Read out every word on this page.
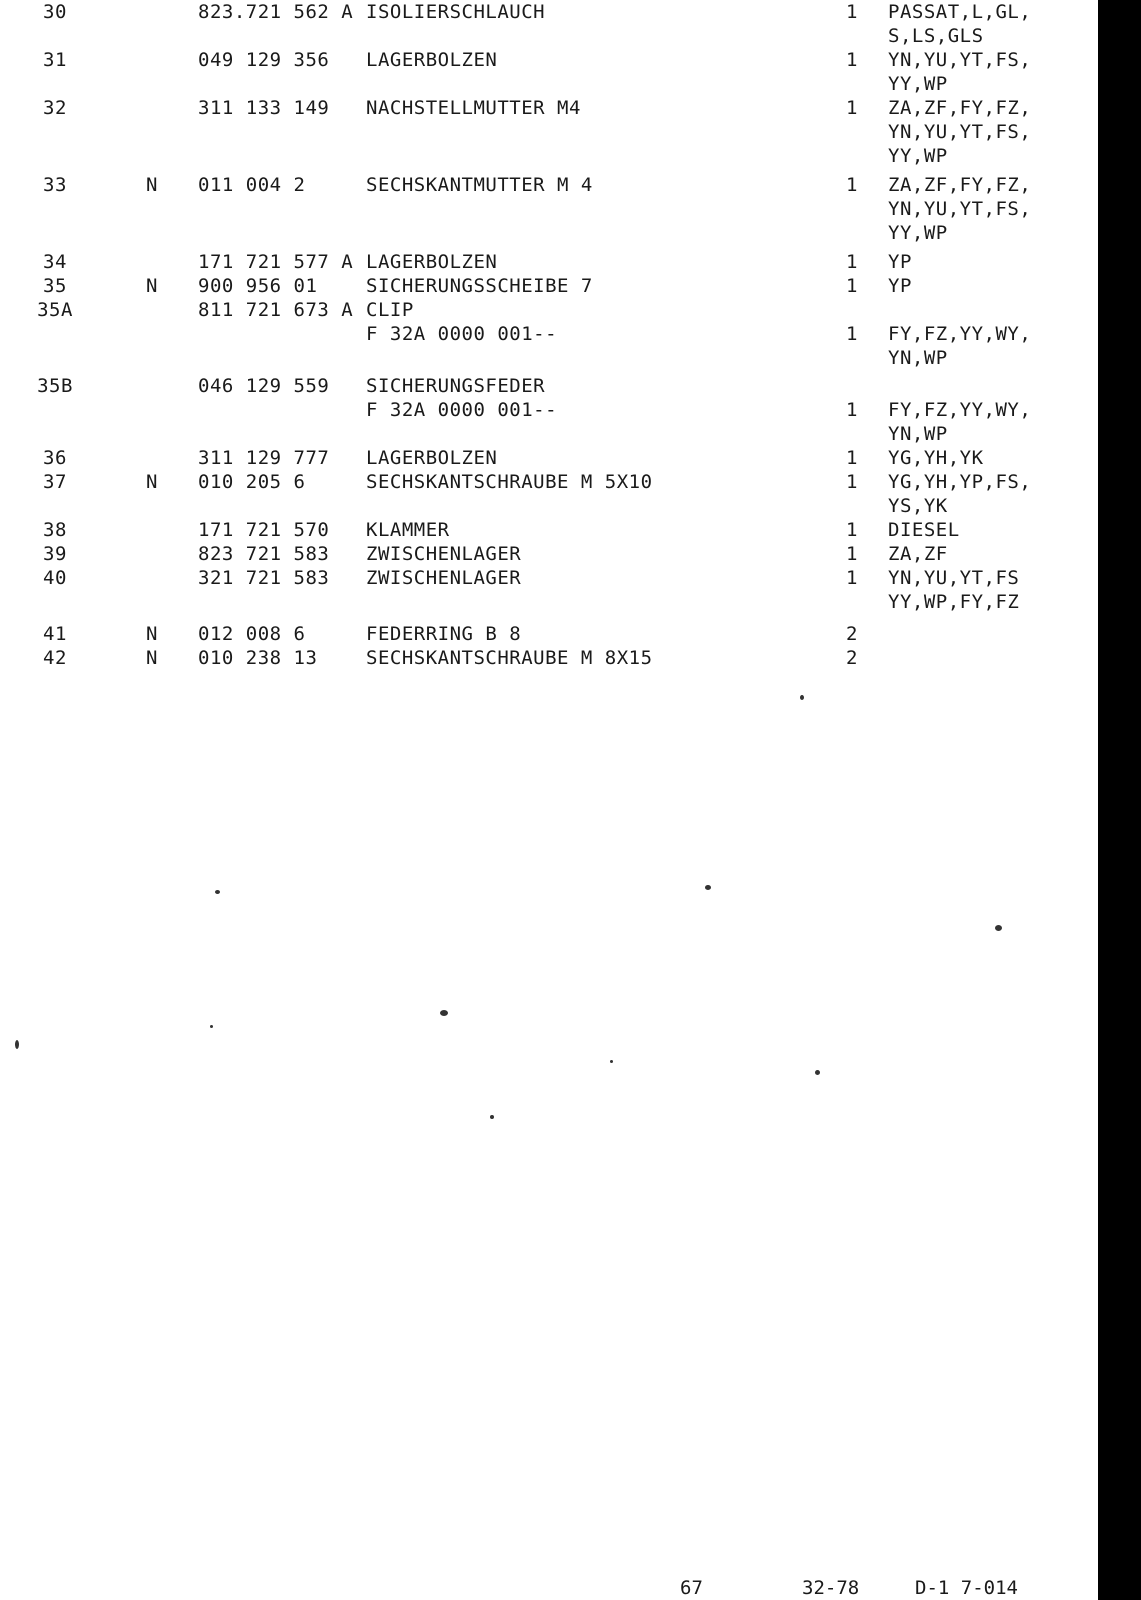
30	823.721 562 A ISOLIERSCHLAUCH	1 PASSAT,L,GL,
S,LS,GLS
31	049 129 356 LAGERBOLZEN	1 YN,YU,YT,FS,
YY,WP
32	311 133 149 NACHSTELLMUTTER M4	1 ZA,ZF,FY,FZ,
YN,YU,YT,FS,
YY,WP
33	N 011 004 2	SECHSKANTMUTTER M 4	1 ZA,ZF,FY,FZ,
YN,YU,YT,FS,
YY,WP
34	171 721 577 A LAGERBOLZEN	1 YP
35	N 900 956 01	SICHERUNGSSCHEIBE 7	1 YP
35A	811 721 673 A CLIP
F 32A 0000 001--	1 FY,FZ,YY,WY,
YN,WP
35B	046 129 559 SICHERUNGSFEDER
F 32A 0000 001--	1 FY,FZ,YY,WY,
YN,WP
36	311 129 777 LAGERBOLZEN	1 YG,YH,YK
37	N 010 205 6	SECHSKANTSCHRAUBE M 5X10	1 YG,YH,YP,FS,
YS,YK
38	171 721 570 KLAMMER	1 DIESEL
39	823 721 583 ZWISCHENLAGER	1 ZA,ZF
40	321 721 583 ZWISCHENLAGER	1 YN,YU,YT,FS
YY,WP,FY,FZ
41	N 012 008 6	FEDERRING B 8	2
42	N 010 238 13	SECHSKANTSCHRAUBE M 8X15	2
67	32-78	D-1 7-014
